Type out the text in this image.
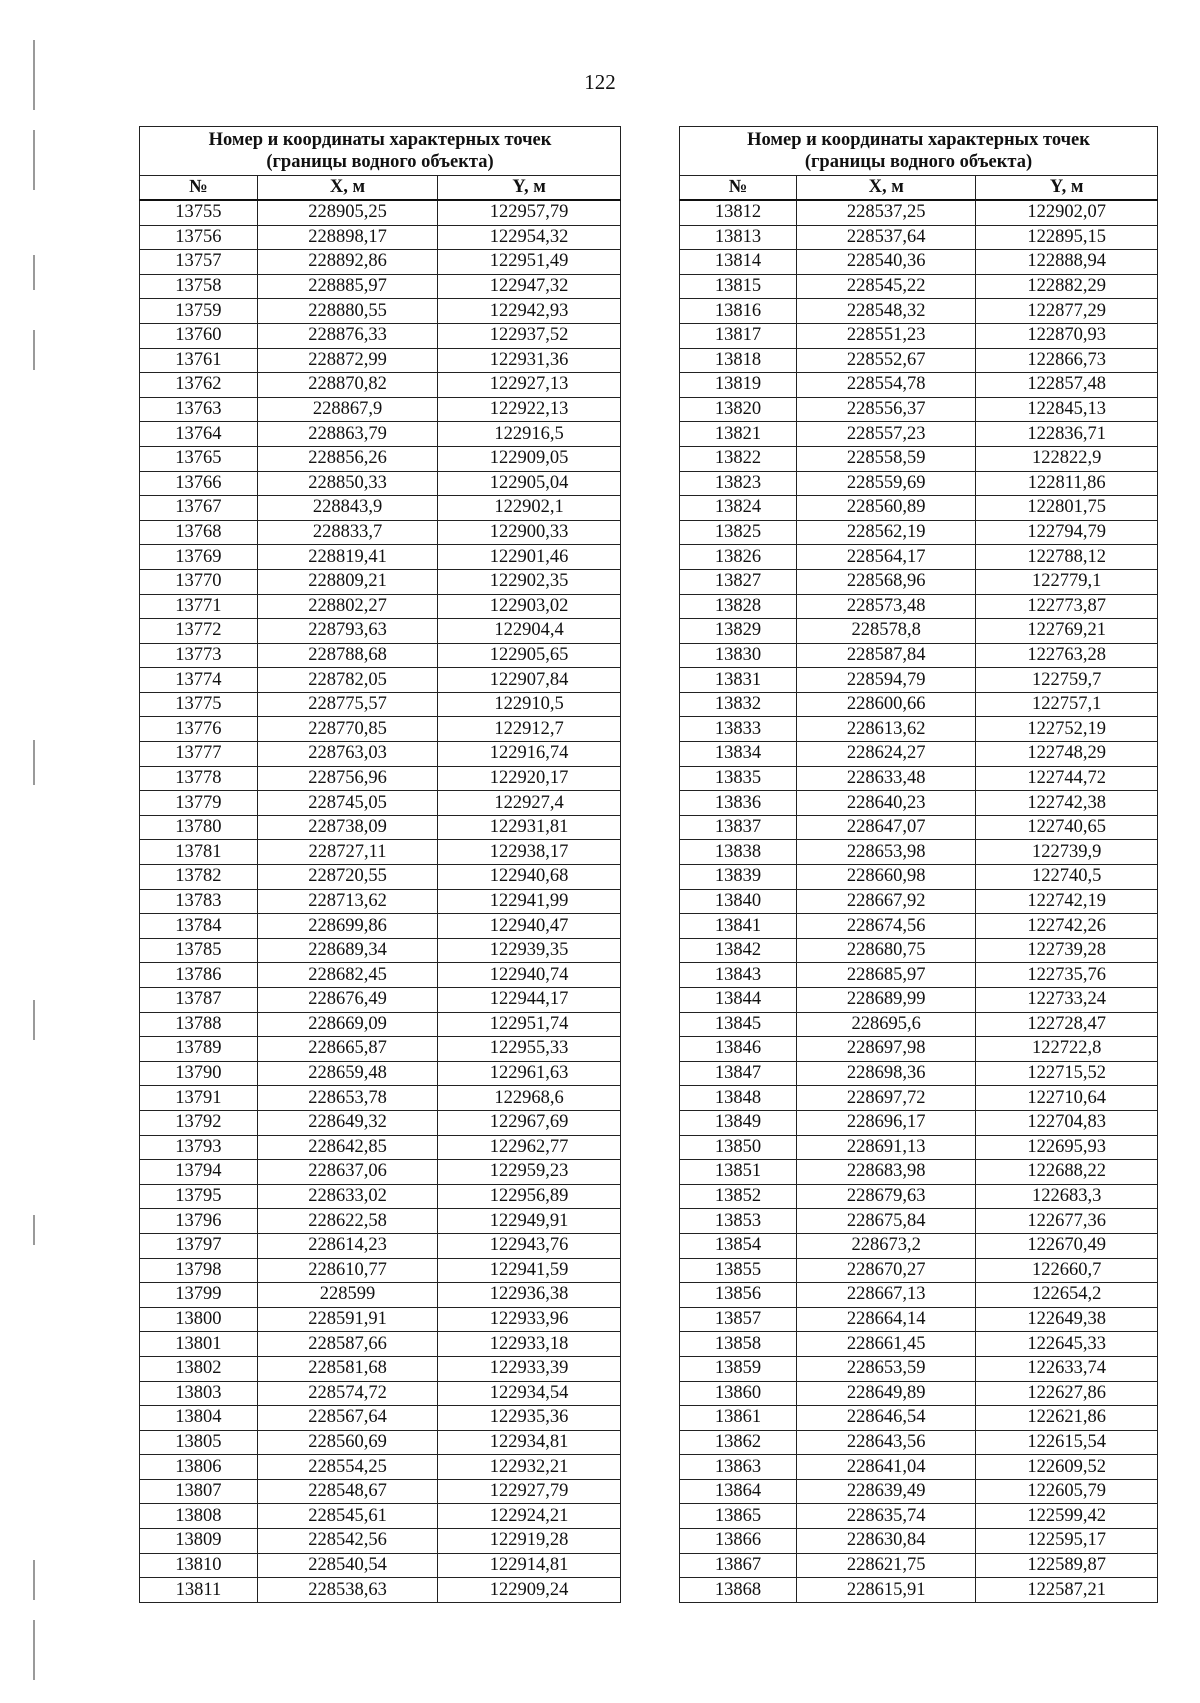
122
Номер и координаты характерных точек
(границы водного объекта)		
№	X, м	Y, м
13755	228905,25	122957,79
13756	228898,17	122954,32
13757	228892,86	122951,49
13758	228885,97	122947,32
13759	228880,55	122942,93
13760	228876,33	122937,52
13761	228872,99	122931,36
13762	228870,82	122927,13
13763	228867,9	122922,13
13764	228863,79	122916,5
13765	228856,26	122909,05
13766	228850,33	122905,04
13767	228843,9	122902,1
13768	228833,7	122900,33
13769	228819,41	122901,46
13770	228809,21	122902,35
13771	228802,27	122903,02
13772	228793,63	122904,4
13773	228788,68	122905,65
13774	228782,05	122907,84
13775	228775,57	122910,5
13776	228770,85	122912,7
13777	228763,03	122916,74
13778	228756,96	122920,17
13779	228745,05	122927,4
13780	228738,09	122931,81
13781	228727,11	122938,17
13782	228720,55	122940,68
13783	228713,62	122941,99
13784	228699,86	122940,47
13785	228689,34	122939,35
13786	228682,45	122940,74
13787	228676,49	122944,17
13788	228669,09	122951,74
13789	228665,87	122955,33
13790	228659,48	122961,63
13791	228653,78	122968,6
13792	228649,32	122967,69
13793	228642,85	122962,77
13794	228637,06	122959,23
13795	228633,02	122956,89
13796	228622,58	122949,91
13797	228614,23	122943,76
13798	228610,77	122941,59
13799	228599	122936,38
13800	228591,91	122933,96
13801	228587,66	122933,18
13802	228581,68	122933,39
13803	228574,72	122934,54
13804	228567,64	122935,36
13805	228560,69	122934,81
13806	228554,25	122932,21
13807	228548,67	122927,79
13808	228545,61	122924,21
13809	228542,56	122919,28
13810	228540,54	122914,81
13811	228538,63	122909,24
Номер и координаты характерных точек
(границы водного объекта)		
№	X, м	Y, м
13812	228537,25	122902,07
13813	228537,64	122895,15
13814	228540,36	122888,94
13815	228545,22	122882,29
13816	228548,32	122877,29
13817	228551,23	122870,93
13818	228552,67	122866,73
13819	228554,78	122857,48
13820	228556,37	122845,13
13821	228557,23	122836,71
13822	228558,59	122822,9
13823	228559,69	122811,86
13824	228560,89	122801,75
13825	228562,19	122794,79
13826	228564,17	122788,12
13827	228568,96	122779,1
13828	228573,48	122773,87
13829	228578,8	122769,21
13830	228587,84	122763,28
13831	228594,79	122759,7
13832	228600,66	122757,1
13833	228613,62	122752,19
13834	228624,27	122748,29
13835	228633,48	122744,72
13836	228640,23	122742,38
13837	228647,07	122740,65
13838	228653,98	122739,9
13839	228660,98	122740,5
13840	228667,92	122742,19
13841	228674,56	122742,26
13842	228680,75	122739,28
13843	228685,97	122735,76
13844	228689,99	122733,24
13845	228695,6	122728,47
13846	228697,98	122722,8
13847	228698,36	122715,52
13848	228697,72	122710,64
13849	228696,17	122704,83
13850	228691,13	122695,93
13851	228683,98	122688,22
13852	228679,63	122683,3
13853	228675,84	122677,36
13854	228673,2	122670,49
13855	228670,27	122660,7
13856	228667,13	122654,2
13857	228664,14	122649,38
13858	228661,45	122645,33
13859	228653,59	122633,74
13860	228649,89	122627,86
13861	228646,54	122621,86
13862	228643,56	122615,54
13863	228641,04	122609,52
13864	228639,49	122605,79
13865	228635,74	122599,42
13866	228630,84	122595,17
13867	228621,75	122589,87
13868	228615,91	122587,21
